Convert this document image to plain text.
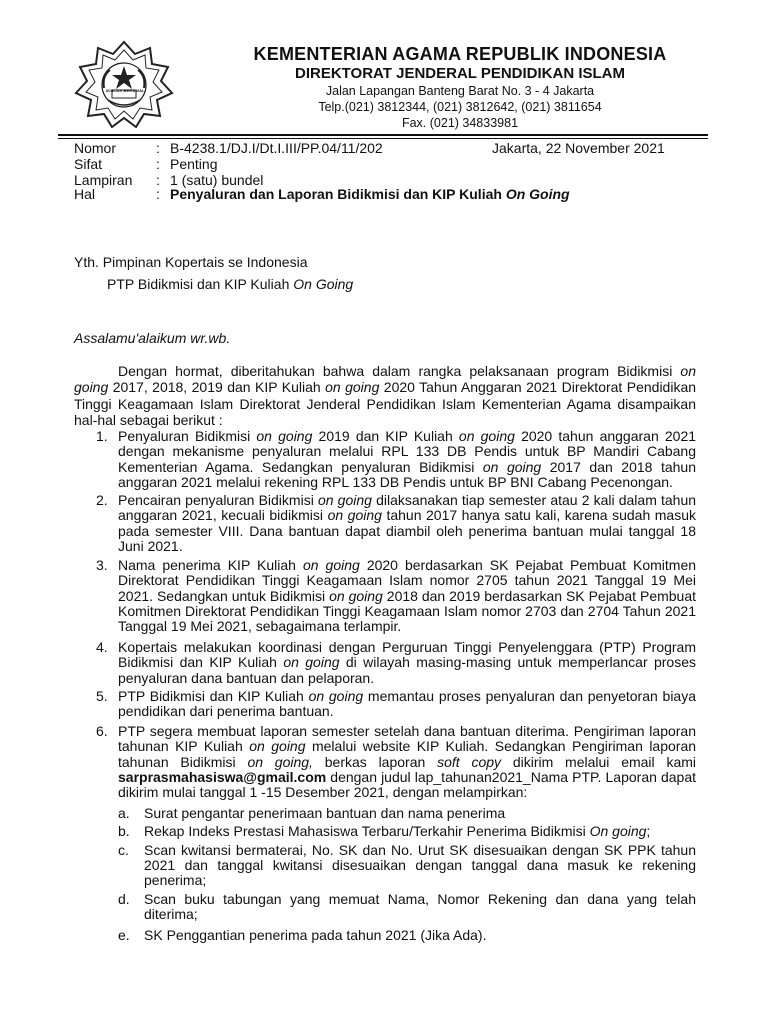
IKHLAS BERAMAL
KEMENTERIAN AGAMA REPUBLIK INDONESIA
DIREKTORAT JENDERAL PENDIDIKAN ISLAM
Jalan Lapangan Banteng Barat No. 3 - 4 Jakarta
Telp.(021) 3812344, (021) 3812642, (021) 3811654
Fax. (021) 34833981
Nomor	: B-4238.1/DJ.I/Dt.I.III/PP.04/11/202	Jakarta, 22 November 2021
Sifat	: Penting
Lampiran	: 1 (satu) bundel
Hal	: Penyaluran dan Laporan Bidikmisi dan KIP Kuliah On Going
Yth. Pimpinan Kopertais se Indonesia
PTP Bidikmisi dan KIP Kuliah On Going
Assalamu'alaikum wr.wb.
Dengan hormat, diberitahukan bahwa dalam rangka pelaksanaan program Bidikmisi on going 2017, 2018, 2019 dan KIP Kuliah on going 2020 Tahun Anggaran 2021 Direktorat Pendidikan Tinggi Keagamaan Islam Direktorat Jenderal Pendidikan Islam Kementerian Agama disampaikan hal-hal sebagai berikut :
1. Penyaluran Bidikmisi on going 2019 dan KIP Kuliah on going 2020 tahun anggaran 2021 dengan mekanisme penyaluran melalui RPL 133 DB Pendis untuk BP Mandiri Cabang Kementerian Agama. Sedangkan penyaluran Bidikmisi on going 2017 dan 2018 tahun anggaran 2021 melalui rekening RPL 133 DB Pendis untuk BP BNI Cabang Pecenongan.
2. Pencairan penyaluran Bidikmisi on going dilaksanakan tiap semester atau 2 kali dalam tahun anggaran 2021, kecuali bidikmisi on going tahun 2017 hanya satu kali, karena sudah masuk pada semester VIII. Dana bantuan dapat diambil oleh penerima bantuan mulai tanggal 18 Juni 2021.
3. Nama penerima KIP Kuliah on going 2020 berdasarkan SK Pejabat Pembuat Komitmen Direktorat Pendidikan Tinggi Keagamaan Islam nomor 2705 tahun 2021 Tanggal 19 Mei 2021. Sedangkan untuk Bidikmisi on going 2018 dan 2019 berdasarkan SK Pejabat Pembuat Komitmen Direktorat Pendidikan Tinggi Keagamaan Islam nomor 2703 dan 2704 Tahun 2021 Tanggal 19 Mei 2021, sebagaimana terlampir.
4. Kopertais melakukan koordinasi dengan Perguruan Tinggi Penyelenggara (PTP) Program Bidikmisi dan KIP Kuliah on going di wilayah masing-masing untuk memperlancar proses penyaluran dana bantuan dan pelaporan.
5. PTP Bidikmisi dan KIP Kuliah on going memantau proses penyaluran dan penyetoran biaya pendidikan dari penerima bantuan.
6. PTP segera membuat laporan semester setelah dana bantuan diterima. Pengiriman laporan tahunan KIP Kuliah on going melalui website KIP Kuliah. Sedangkan Pengiriman laporan tahunan Bidikmisi on going, berkas laporan soft copy dikirim melalui email kami sarprasmahasiswa@gmail.com dengan judul lap_tahunan2021_Nama PTP. Laporan dapat dikirim mulai tanggal 1 -15 Desember 2021, dengan melampirkan:
a.	Surat pengantar penerimaan bantuan dan nama penerima
b.	Rekap Indeks Prestasi Mahasiswa Terbaru/Terkahir Penerima Bidikmisi On going;
c.	Scan kwitansi bermaterai, No. SK dan No. Urut SK disesuaikan dengan SK PPK tahun 2021 dan tanggal kwitansi disesuaikan dengan tanggal dana masuk ke rekening penerima;
d.	Scan buku tabungan yang memuat Nama, Nomor Rekening dan dana yang telah diterima;
e.	SK Penggantian penerima pada tahun 2021 (Jika Ada).
